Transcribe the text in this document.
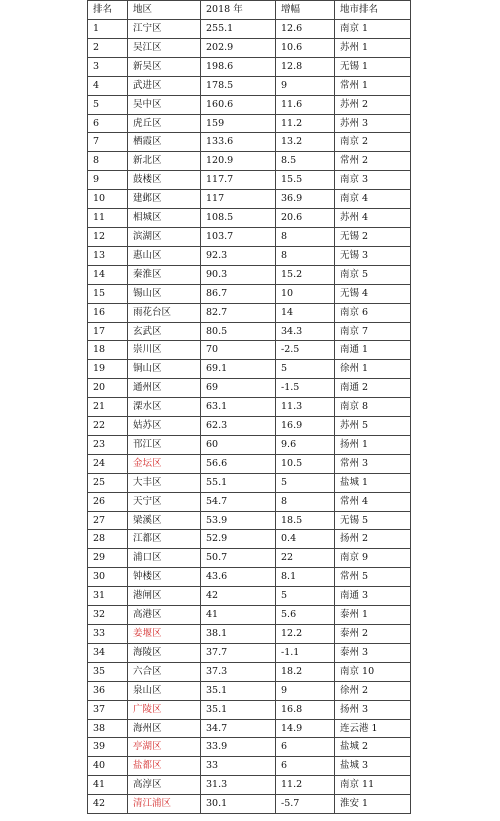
排名	地区	2018 年	增幅	地市排名
1	江宁区	255.1	12.6	南京 1
2	吴江区	202.9	10.6	苏州 1
3	新吴区	198.6	12.8	无锡 1
4	武进区	178.5	9	常州 1
5	吴中区	160.6	11.6	苏州 2
6	虎丘区	159	11.2	苏州 3
7	栖霞区	133.6	13.2	南京 2
8	新北区	120.9	8.5	常州 2
9	鼓楼区	117.7	15.5	南京 3
10	建邺区	117	36.9	南京 4
11	相城区	108.5	20.6	苏州 4
12	滨湖区	103.7	8	无锡 2
13	惠山区	92.3	8	无锡 3
14	秦淮区	90.3	15.2	南京 5
15	锡山区	86.7	10	无锡 4
16	雨花台区	82.7	14	南京 6
17	玄武区	80.5	34.3	南京 7
18	崇川区	70	-2.5	南通 1
19	铜山区	69.1	5	徐州 1
20	通州区	69	-1.5	南通 2
21	溧水区	63.1	11.3	南京 8
22	姑苏区	62.3	16.9	苏州 5
23	邗江区	60	9.6	扬州 1
24	金坛区	56.6	10.5	常州 3
25	大丰区	55.1	5	盐城 1
26	天宁区	54.7	8	常州 4
27	梁溪区	53.9	18.5	无锡 5
28	江都区	52.9	0.4	扬州 2
29	浦口区	50.7	22	南京 9
30	钟楼区	43.6	8.1	常州 5
31	港闸区	42	5	南通 3
32	高港区	41	5.6	泰州 1
33	姜堰区	38.1	12.2	泰州 2
34	海陵区	37.7	-1.1	泰州 3
35	六合区	37.3	18.2	南京 10
36	泉山区	35.1	9	徐州 2
37	广陵区	35.1	16.8	扬州 3
38	海州区	34.7	14.9	连云港 1
39	亭湖区	33.9	6	盐城 2
40	盐都区	33	6	盐城 3
41	高淳区	31.3	11.2	南京 11
42	清江浦区	30.1	-5.7	淮安 1
